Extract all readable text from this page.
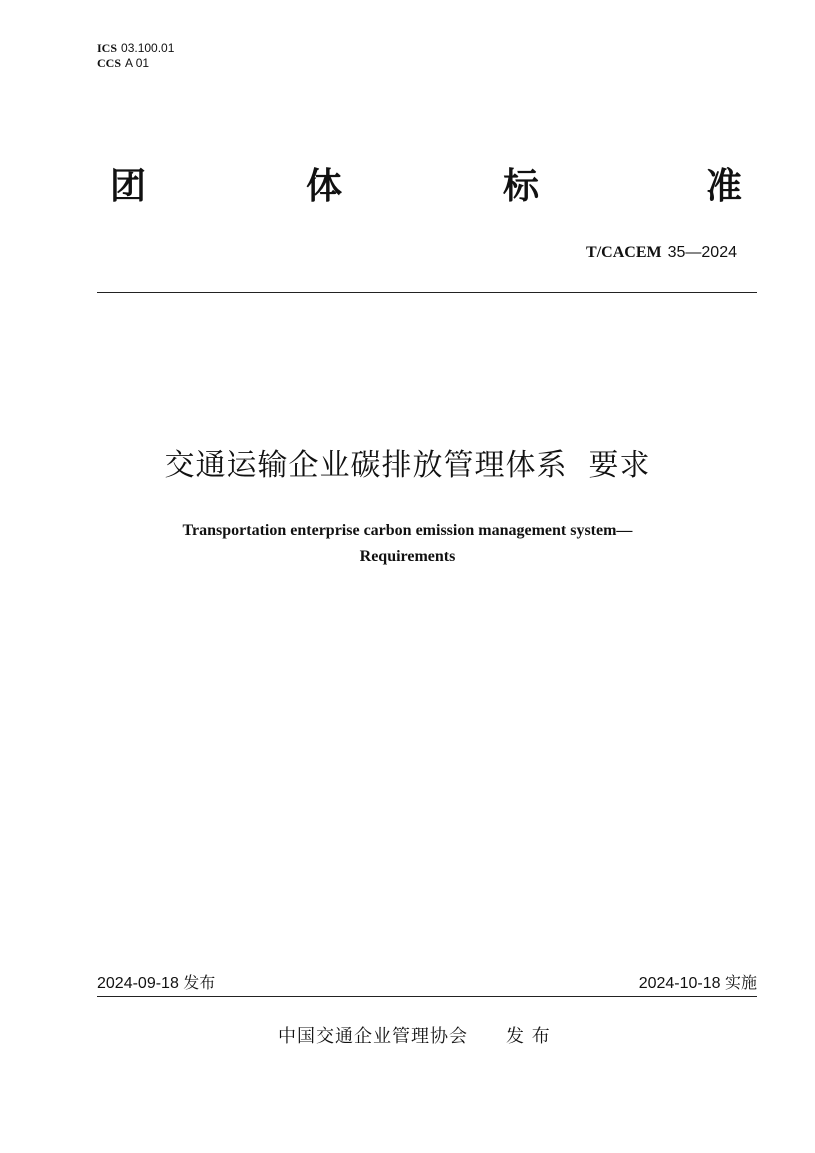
ICS 03.100.01
CCS A 01
团	体	标	准
T/CACEM 35—2024
交通运输企业碳排放管理体系  要求
Transportation enterprise carbon emission management system—
Requirements
2024-09-18 发布	2024-10-18 实施
中国交通企业管理协会 发 布
